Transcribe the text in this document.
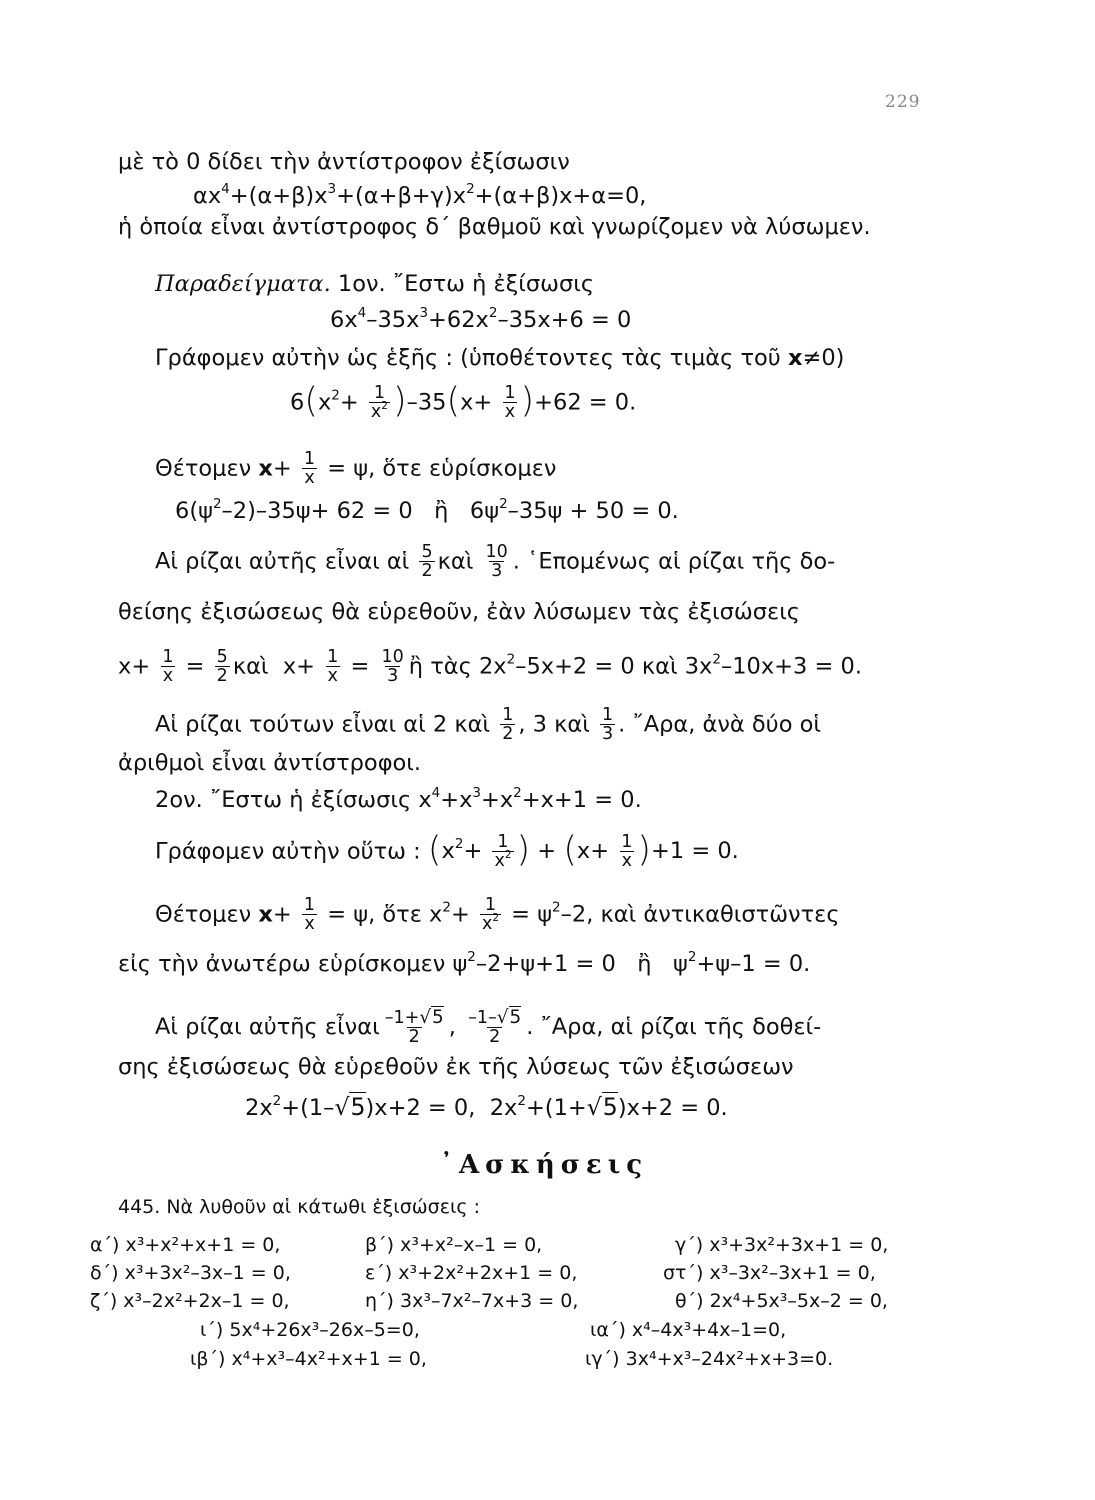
229
μὲ τὸ 0 δίδει τὴν ἀντίστροφον ἐξίσωσιν
$\alpha x^4+(\alpha+\beta)x^3+(\alpha+\beta+\gamma)x^2+(\alpha+\beta)x+\alpha=0$,
ἡ ὁποία εἶναι ἀντίστροφος δ΄ βαθμοῦ καὶ γνωρίζομεν νὰ λύσωμεν.
Παραδείγματα. 1ον. ῎Εστω ἡ ἐξίσωσις
$6x^4-35x^3+62x^2-35x+6 = 0$
Γράφομεν αὐτὴν ὡς ἑξῆς : (ὑποθέτοντες τὰς τιμὰς τοῦ x≠0)
$6(x^2+ \frac{1}{x^2} )-35(x+ \frac{1}{x} )+62 = 0$.
Θέτομεν $x+ \frac{1}{x} = \psi$, ὅτε εὑρίσκομεν
$6(\psi^2-2)-35\psi+ 62 = 0$   ἢ   $6\psi^2-35\psi + 50 = 0$.
Αἱ ρίζαι αὐτῆς εἶναι αἱ $\frac{5}{2}$ καὶ $\frac{10}{3}$ . ῾Επομένως αἱ ρίζαι τῆς δο-
θείσης ἐξισώσεως θὰ εὑρεθοῦν, ἐὰν λύσωμεν τὰς ἐξισώσεις
$x+ \frac{1}{x} = \frac{5}{2}$ καὶ  $x+ \frac{1}{x} = \frac{10}{3}$ ἢ τὰς $2x^2-5x+2 = 0$ καὶ $3x^2-10x+3 = 0$.
Αἱ ρίζαι τούτων εἶναι αἱ 2 καὶ $\frac{1}{2}$ , 3 καὶ $\frac{1}{3}$ . ῎Αρα, ἀνὰ δύο οἱ
ἀριθμοὶ εἶναι ἀντίστροφοι.
2ον. ῎Εστω ἡ ἐξίσωσις $x^4+x^3+x^2+x+1 = 0$.
Γράφομεν αὐτὴν οὕτω : ($x^2+ \frac{1}{x^2}$ ) + $(x+ \frac{1}{x} )+1 = 0$.
Θέτομεν $x+ \frac{1}{x} = \psi$, ὅτε $x^2+ \frac{1}{x^2} = \psi^2-2$, καὶ ἀντικαθιστῶντες
εἰς τὴν ἀνωτέρω εὑρίσκομεν $\psi^2-2+\psi+1 = 0$ ἢ $\psi^2+\psi-1 = 0$.
Αἱ ρίζαι αὐτῆς εἶναι $\frac{-1+√5}{2}$ , $\frac{-1-√5}{2}$ . ῎Αρα, αἱ ρίζαι τῆς δοθεί-
σης ἐξισώσεως θὰ εὑρεθοῦν ἐκ τῆς λύσεως τῶν ἐξισώσεων
$2x^2+(1-√5)x+2 = 0$,  $2x^2+(1+√5)x+2 = 0$.
᾽Ασκήσεις
445. Νὰ λυθοῦν αἱ κάτωθι ἐξισώσεις :
α΄) x³+x²+x+1 = 0,	β΄) x³+x²–x–1 = 0,	γ΄) x³+3x²+3x+1 = 0,
δ΄) x³+3x²–3x–1 = 0,	ε΄) x³+2x²+2x+1 = 0,	στ΄) x³–3x²–3x+1 = 0,
ζ΄) x³–2x²+2x–1 = 0,	η΄) 3x³–7x²–7x+3 = 0,	θ΄) 2x⁴+5x³–5x–2 = 0,
ι΄) 5x⁴+26x³–26x–5=0,	ια΄) x⁴–4x³+4x–1=0,
ιβ΄) x⁴+x³–4x²+x+1 = 0,	ιγ΄) 3x⁴+x³–24x²+x+3=0.
